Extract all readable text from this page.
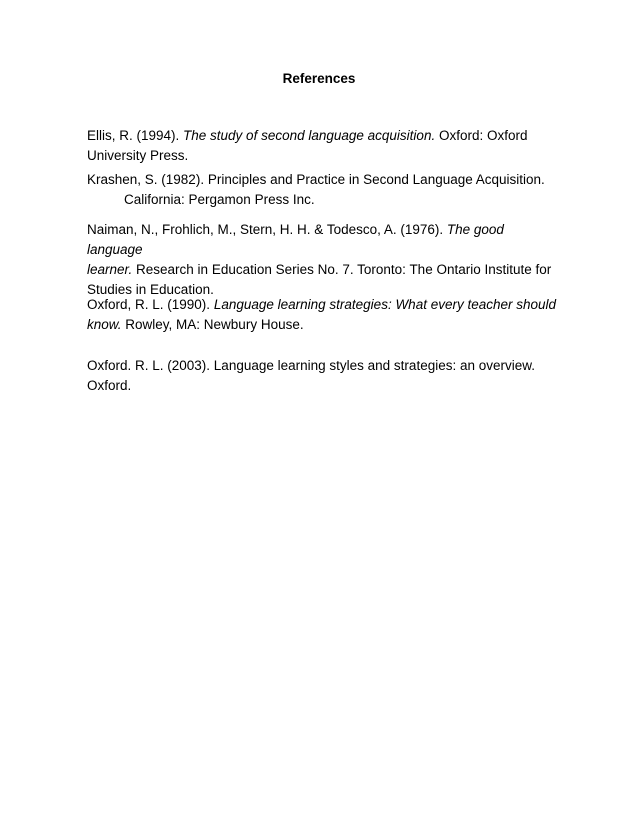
References

Ellis, R. (1994). The study of second language acquisition. Oxford: Oxford
University Press.

Krashen, S. (1982). Principles and Practice in Second Language Acquisition.
California: Pergamon Press Inc.

Naiman, N., Frohlich, M., Stern, H. H. & Todesco, A. (1976). The good language
learner. Research in Education Series No. 7. Toronto: The Ontario Institute for
Studies in Education.

Oxford, R. L. (1990). Language learning strategies: What every teacher should
know. Rowley, MA: Newbury House.

Oxford. R. L. (2003). Language learning styles and strategies: an overview. Oxford.
